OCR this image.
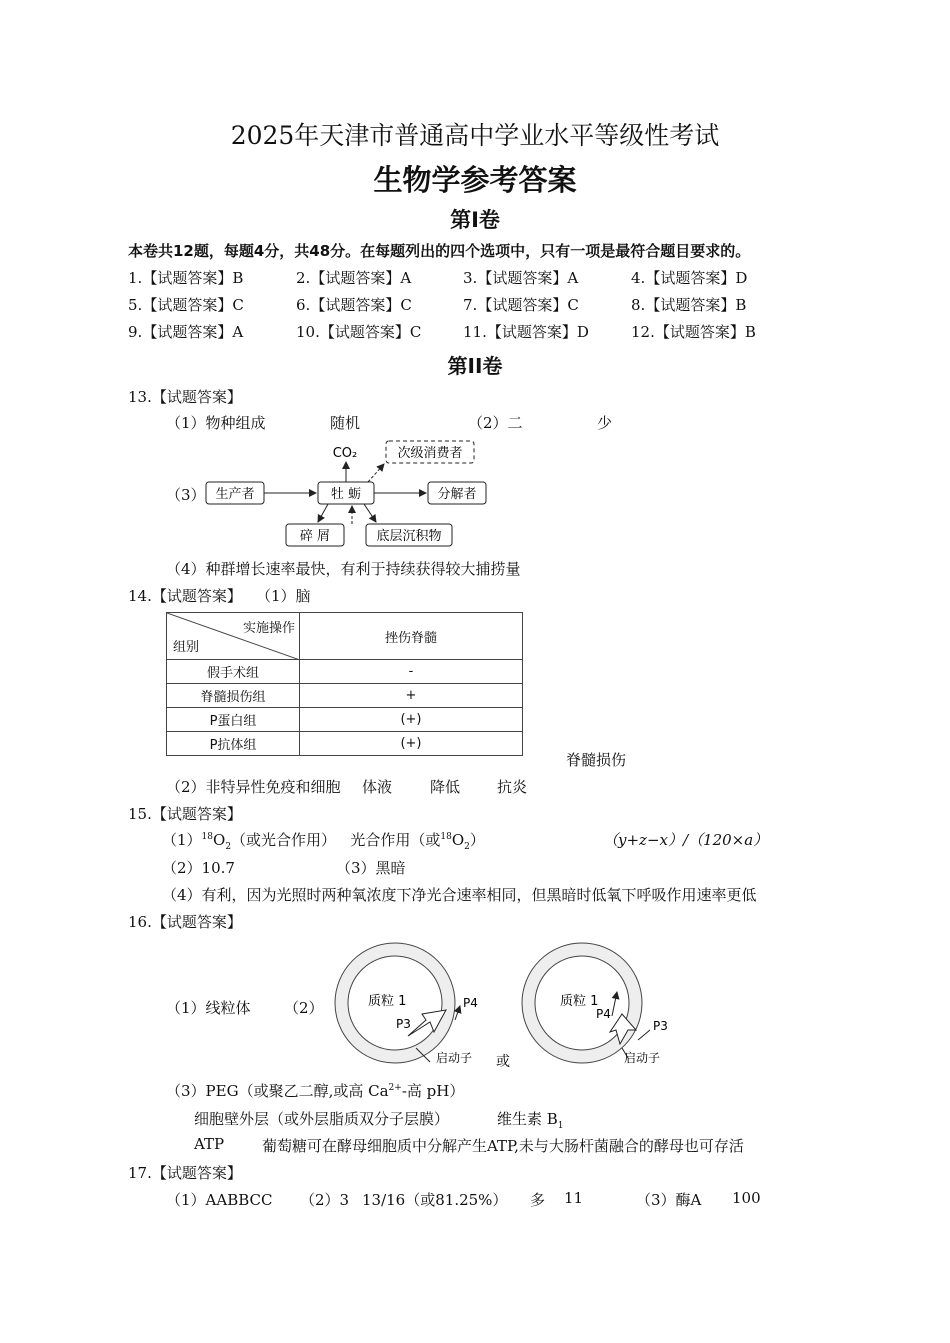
2025年天津市普通高中学业水平等级性考试
生物学参考答案
第I卷
本卷共12题，每题4分，共48分。在每题列出的四个选项中，只有一项是最符合题目要求的。
1.【试题答案】B	2.【试题答案】A	3.【试题答案】A	4.【试题答案】D
5.【试题答案】C	6.【试题答案】C	7.【试题答案】C	8.【试题答案】B
9.【试题答案】A	10.【试题答案】C	11.【试题答案】D	12.【试题答案】B
第II卷
13.【试题答案】
（1）物种组成	随机	（2）二	少
（3） 生产者	牡 蛎	分解者
CO₂	次级消费者
碎 屑	底层沉积物
（4）种群增长速率最快，有利于持续获得较大捕捞量
14.【试题答案】 （1）脑
实施操作
组别	挫伤脊髓
假手术组	-
脊髓损伤组	+
P蛋白组	(+)
P抗体组	(+)
脊髓损伤
（2）非特异性免疫和细胞 体液	降低 抗炎
15.【试题答案】
$(1)^{18}O_2$（或光合作用） 光合作用（或$^{18}O_2$）	（y+z−x）/（120×a）
（2）10.7	（3）黑暗
（4）有利，因为光照时两种氧浓度下净光合速率相同，但黑暗时低氧下呼吸作用速率更低
16.【试题答案】
（1）线粒体 （2）	质粒 1
P3
P4
启动子 或
质粒 1
P4
P3
启动子
（3）PEG（或聚乙二醇,或高 $Ca^{2+}-$高 pH）
细胞壁外层（或外层脂质双分子层膜）	维生素 $B_1$
ATP	葡萄糖可在酵母细胞质中分解产生ATP,未与大肠杆菌融合的酵母也可存活
17.【试题答案】
（1）AABBCC （2）3 13/16（或81.25%） 多 11	（3）酶A 100
